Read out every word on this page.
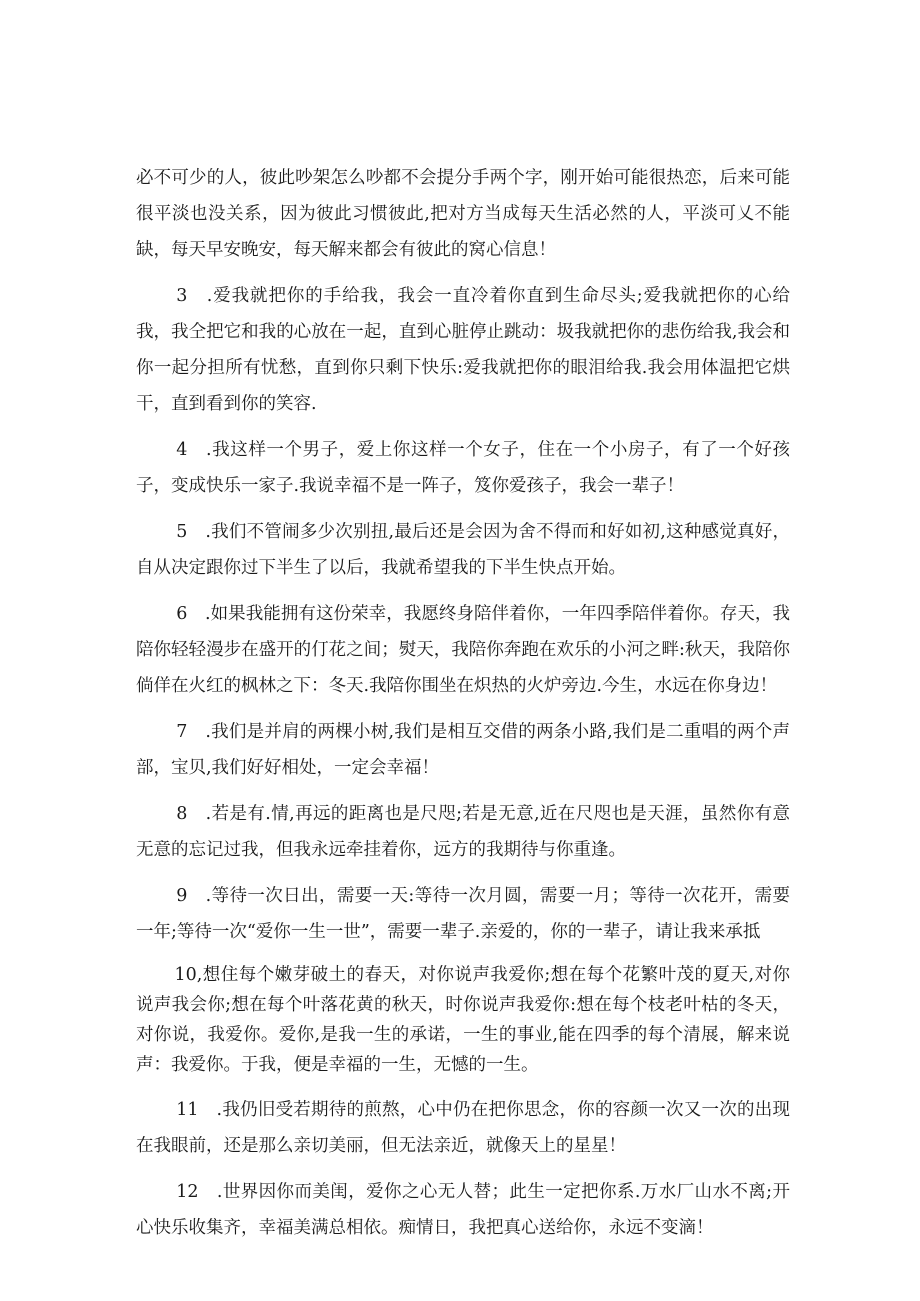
必不可少的人，彼此吵架怎么吵都不会提分手两个字，刚开始可能很热恋，后来可能很平淡也没关系，因为彼此习惯彼此,把对方当成每天生活必然的人，平淡可乂不能缺，每天早安晚安，每天解来都会有彼此的窝心信息！

3　.爱我就把你的手给我，我会一直冷着你直到生命尽头;爱我就把你的心给我，我仝把它和我的心放在一起，直到心脏停止跳动：圾我就把你的悲伤给我,我会和你一起分担所有忧愁，直到你只剩下快乐:爱我就把你的眼泪给我.我会用体温把它烘干，直到看到你的笑容.

4　.我这样一个男子，爱上你这样一个女子，住在一个小房子，有了一个好孩子，变成快乐一家子.我说幸福不是一阵子，笈你爱孩子，我会一辈子！

5　.我们不管闹多少次别扭,最后还是会因为舍不得而和好如初,这种感觉真好，自从决定跟你过下半生了以后，我就希望我的下半生快点开始。

6　.如果我能拥有这份荣幸，我愿终身陪伴着你，一年四季陪伴着你。存天，我陪你轻轻漫步在盛开的仃花之间；熨天，我陪你奔跑在欢乐的小河之畔:秋天，我陪你倘佯在火红的枫林之下：冬天.我陪你围坐在炽热的火炉旁边.今生，水远在你身边！

7　.我们是并肩的两棵小树,我们是相互交借的两条小路,我们是二重唱的两个声部，宝贝,我们好好相处，一定会幸福！

8　.若是有.情,再远的距离也是尺咫;若是无意,近在尺咫也是天涯，虽然你有意无意的忘记过我，但我永远牵挂着你，远方的我期待与你重逢。

9　.等待一次日出，需要一天:等待一次月圆，需要一月；等待一次花开，需要一年;等待一次“爱你一生一世”，需要一辈子.亲爱的，你的一辈子，请让我来承抵

10,想住每个嫩芽破土的春天，对你说声我爱你;想在每个花繁叶茂的夏天,对你说声我会你;想在每个叶落花黄的秋天，时你说声我爱你:想在每个枝老叶枯的冬天，对你说，我爱你。爱你,是我一生的承诺，一生的事业,能在四季的每个清展，解来说声：我爱你。于我，便是幸福的一生，无憾的一生。

11　.我仍旧受若期待的煎熬，心中仍在把你思念，你的容颜一次又一次的出现在我眼前，还是那么亲切美丽，但无法亲近，就像天上的星星！

12　.世界因你而美闺，爱你之心无人替；此生一定把你系.万水厂山水不离;开心快乐收集齐，幸福美满总相依。痴情日，我把真心送给你，永远不变滴！
